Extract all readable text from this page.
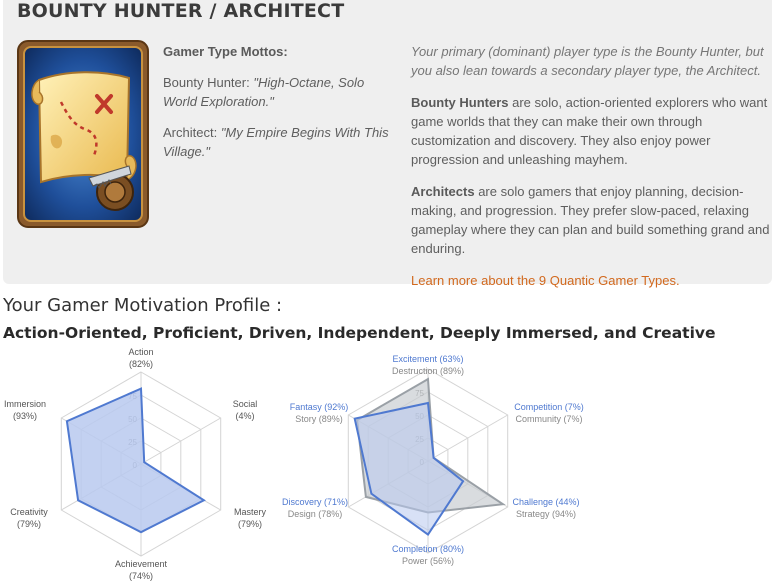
BOUNTY HUNTER / ARCHITECT
Gamer Type Mottos:
Bounty Hunter: "High-Octane, Solo World Exploration."
Architect: "My Empire Begins With This Village."

Your primary (dominant) player type is the Bounty Hunter, but you also lean towards a secondary player type, the Architect.

Bounty Hunters are solo, action-oriented explorers who want game worlds that they can make their own through customization and discovery. They also enjoy power progression and unleashing mayhem.

Architects are solo gamers that enjoy planning, decision-making, and progression. They prefer slow-paced, relaxing gameplay where they can plan and build something grand and enduring.

Learn more about the 9 Quantic Gamer Types.

Your Gamer Motivation Profile :
Action-Oriented, Proficient, Driven, Independent, Deeply Immersed, and Creative
Action
(82%)
Social
(4%)
Mastery
(79%)
Achievement
(74%)
Creativity
(79%)
Immersion
(93%)
Excitement (63%)
Destruction (89%)
Competition (7%)
Community (7%)
Challenge (44%)
Strategy (94%)
Completion (80%)
Power (56%)
Discovery (71%)
Design (78%)
Fantasy (92%)
Story (89%)
